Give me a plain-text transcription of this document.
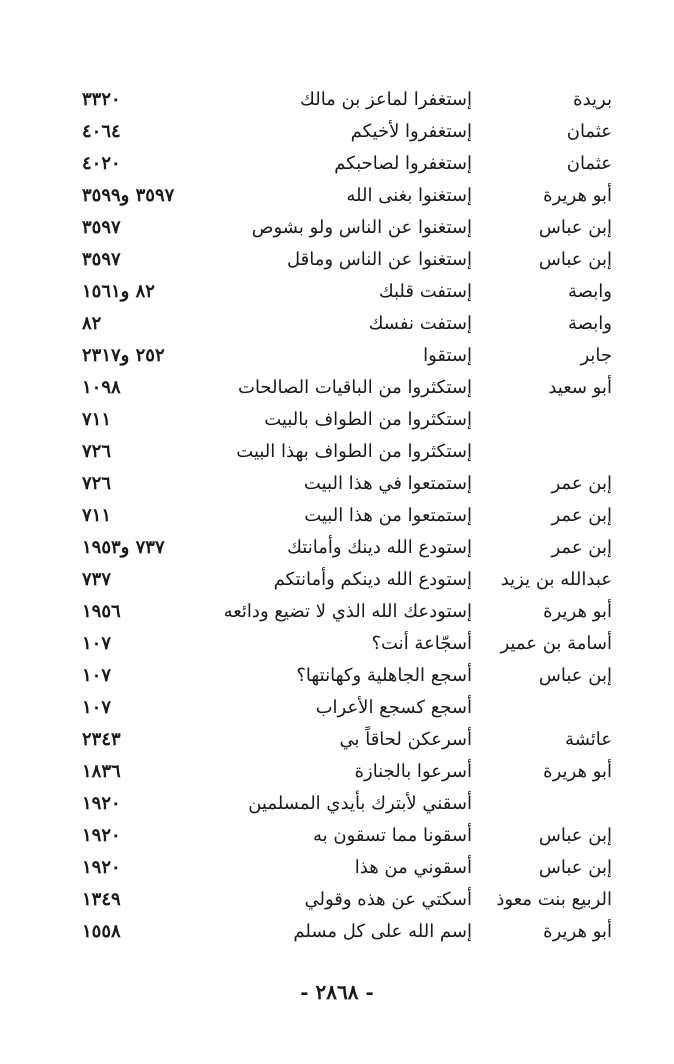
بريدة
إستغفرا لماعز بن مالك
٣٣٢٠
عثمان
إستغفروا لأخيكم
٤٠٦٤
عثمان
إستغفروا لصاحبكم
٤٠٢٠
أبو هريرة
إستغنوا بغنى الله
٣٥٩٧ و٣٥٩٩
إبن عباس
إستغنوا عن الناس ولو بشوص
٣٥٩٧
إبن عباس
إستغنوا عن الناس وماقل
٣٥٩٧
وابصة
إستفت قلبك
٨٢ و١٥٦١
وابصة
إستفت نفسك
٨٢
جابر
إستقوا
٢٥٢ و٢٣١٧
أبو سعيد
إستكثروا من الباقيات الصالحات
١٠٩٨
إستكثروا من الطواف بالبيت
٧١١
إستكثروا من الطواف بهذا البيت
٧٢٦
إبن عمر
إستمتعوا في هذا البيت
٧٢٦
إبن عمر
إستمتعوا من هذا البيت
٧١١
إبن عمر
إستودع الله دينك وأمانتك
٧٣٧ و١٩٥٣
عبدالله بن يزيد
إستودع الله دينكم وأمانتكم
٧٣٧
أبو هريرة
إستودعك الله الذي لا تضيع ودائعه
١٩٥٦
أسامة بن عمير
أسجّاعة أنت؟
١٠٧
إبن عباس
أسجع الجاهلية وكهانتها؟
١٠٧
أسجع كسجع الأعراب
١٠٧
عائشة
أسرعكن لحاقاً بي
٢٣٤٣
أبو هريرة
أسرعوا بالجنازة
١٨٣٦
أسقني لأبترك بأيدي المسلمين
١٩٢٠
إبن عباس
أسقونا مما تسقون به
١٩٢٠
إبن عباس
أسقوني من هذا
١٩٢٠
الربيع بنت معوذ
أسكتي عن هذه وقولي
١٣٤٩
أبو هريرة
إسم الله على كل مسلم
١٥٥٨
- ٢٨٦٨ -
